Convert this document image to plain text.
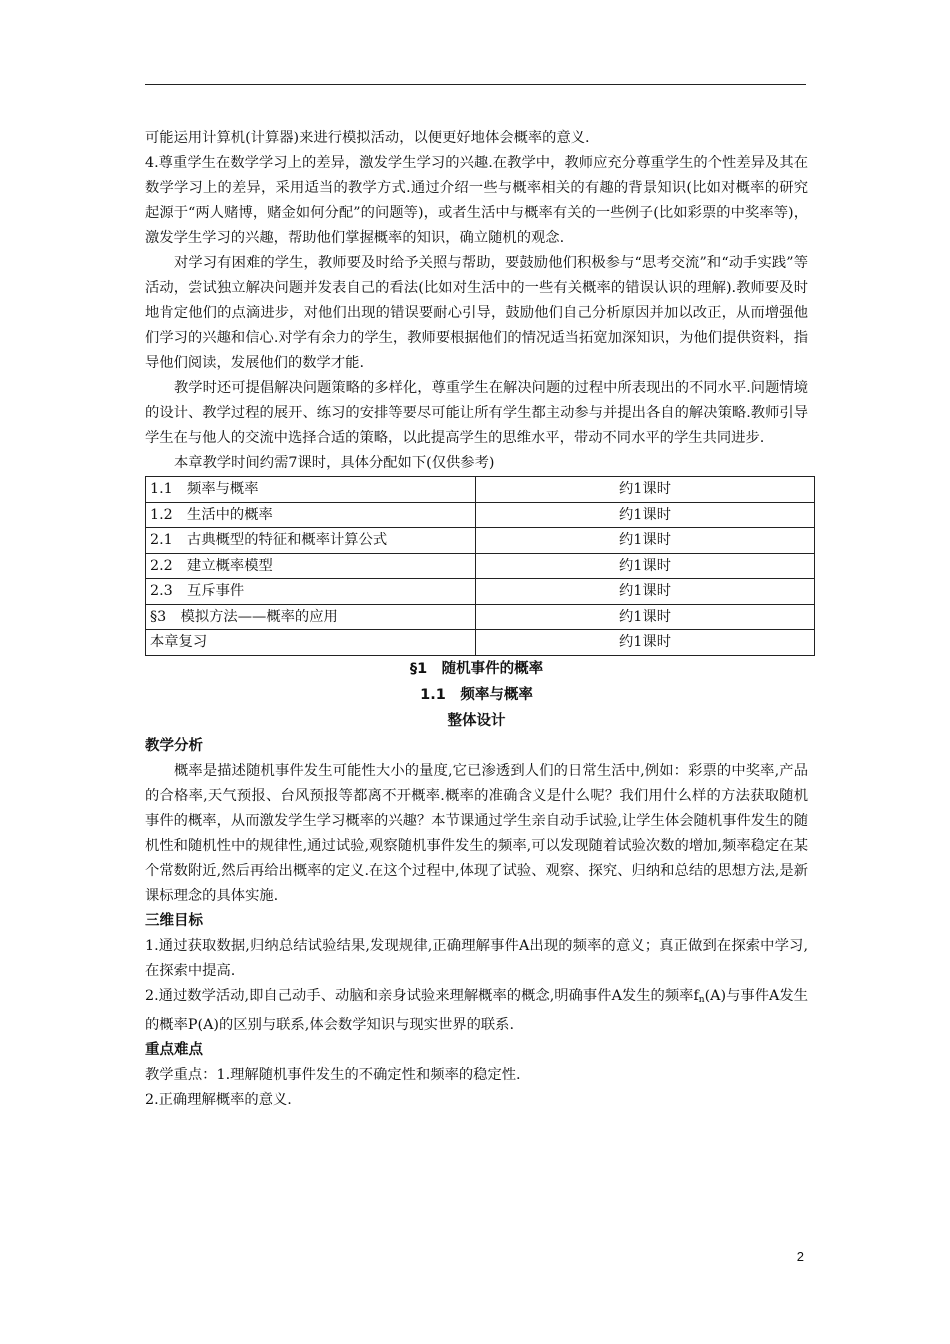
可能运用计算机(计算器)来进行模拟活动，以便更好地体会概率的意义.

4.尊重学生在数学学习上的差异，激发学生学习的兴趣.在教学中，教师应充分尊重学生的个性差异及其在数学学习上的差异，采用适当的教学方式.通过介绍一些与概率相关的有趣的背景知识(比如对概率的研究起源于“两人赌博，赌金如何分配”的问题等)，或者生活中与概率有关的一些例子(比如彩票的中奖率等)，激发学生学习的兴趣，帮助他们掌握概率的知识，确立随机的观念.

对学习有困难的学生，教师要及时给予关照与帮助，要鼓励他们积极参与“思考交流”和“动手实践”等活动，尝试独立解决问题并发表自己的看法(比如对生活中的一些有关概率的错误认识的理解).教师要及时地肯定他们的点滴进步，对他们出现的错误要耐心引导，鼓励他们自己分析原因并加以改正，从而增强他们学习的兴趣和信心.对学有余力的学生，教师要根据他们的情况适当拓宽加深知识，为他们提供资料，指导他们阅读，发展他们的数学才能.

教学时还可提倡解决问题策略的多样化，尊重学生在解决问题的过程中所表现出的不同水平.问题情境的设计、教学过程的展开、练习的安排等要尽可能让所有学生都主动参与并提出各自的解决策略.教师引导学生在与他人的交流中选择合适的策略，以此提高学生的思维水平，带动不同水平的学生共同进步.

本章教学时间约需7课时，具体分配如下(仅供参考)

1.1　频率与概率	约1课时
1.2　生活中的概率	约1课时
2.1　古典概型的特征和概率计算公式	约1课时
2.2　建立概率模型	约1课时
2.3　互斥事件	约1课时
§3　模拟方法——概率的应用	约1课时
本章复习	约1课时

§1　随机事件的概率

1.1　频率与概率

整体设计

教学分析

概率是描述随机事件发生可能性大小的量度,它已渗透到人们的日常生活中,例如：彩票的中奖率,产品的合格率,天气预报、台风预报等都离不开概率.概率的准确含义是什么呢？我们用什么样的方法获取随机事件的概率，从而激发学生学习概率的兴趣？本节课通过学生亲自动手试验,让学生体会随机事件发生的随机性和随机性中的规律性,通过试验,观察随机事件发生的频率,可以发现随着试验次数的增加,频率稳定在某个常数附近,然后再给出概率的定义.在这个过程中,体现了试验、观察、探究、归纳和总结的思想方法,是新课标理念的具体实施.

三维目标

1.通过获取数据,归纳总结试验结果,发现规律,正确理解事件A出现的频率的意义；真正做到在探索中学习,在探索中提高.

2.通过数学活动,即自己动手、动脑和亲身试验来理解概率的概念,明确事件A发生的频率$f_n(A)$与事件A发生的概率P(A)的区别与联系,体会数学知识与现实世界的联系.

重点难点

教学重点：1.理解随机事件发生的不确定性和频率的稳定性.

2.正确理解概率的意义.

2
